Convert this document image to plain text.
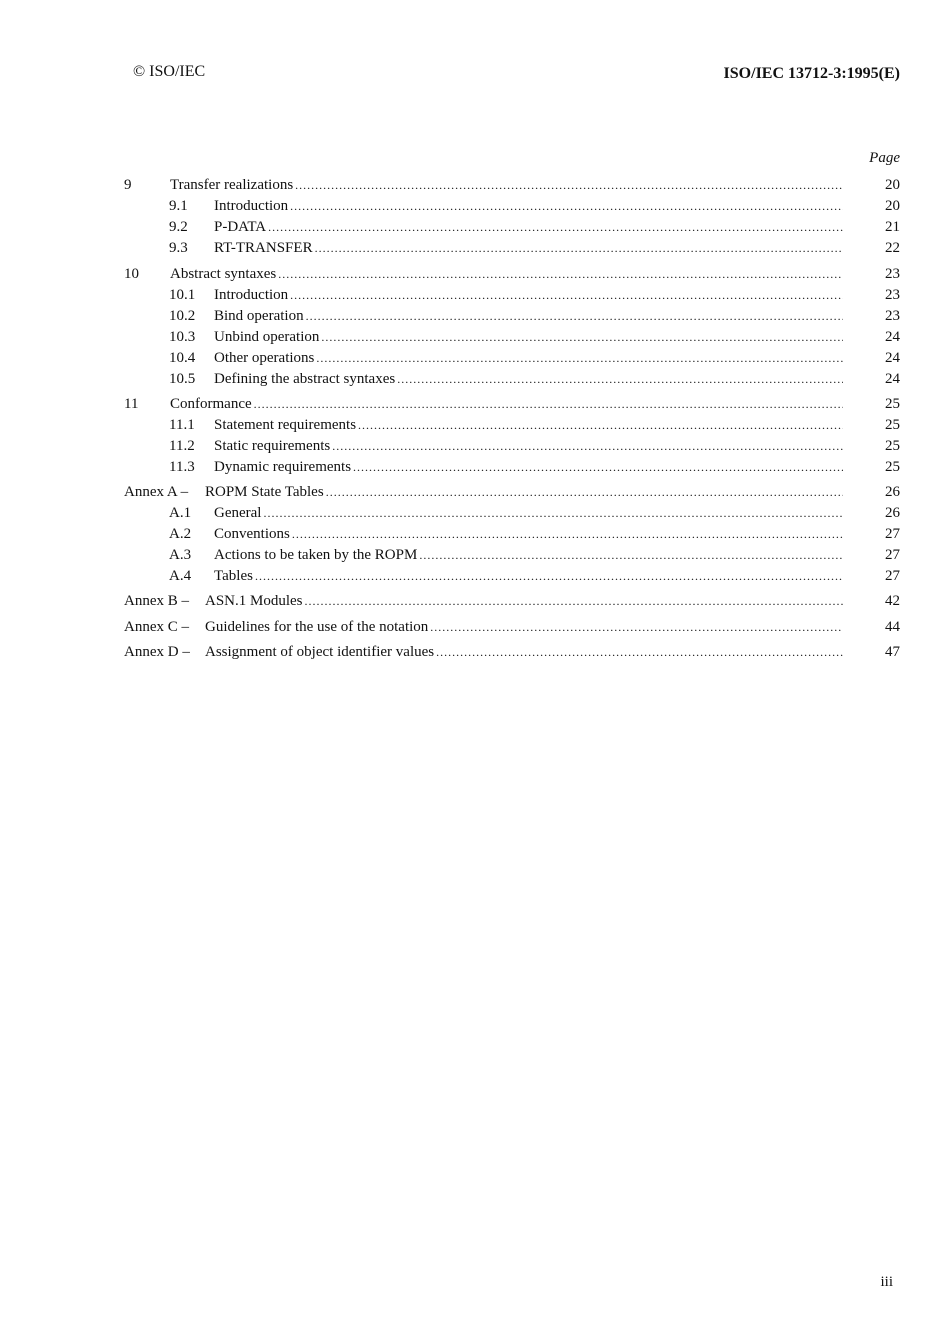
© ISO/IEC	ISO/IEC 13712-3:1995(E)
Page
9	Transfer realizations .....	20
9.1 Introduction .....	20
9.2 P-DATA .....	21
9.3 RT-TRANSFER .....	22
10 Abstract syntaxes .....	23
10.1 Introduction .....	23
10.2 Bind operation .....	23
10.3 Unbind operation .....	24
10.4 Other operations .....	24
10.5 Defining the abstract syntaxes .....	24
11 Conformance .....	25
11.1 Statement requirements .....	25
11.2 Static requirements .....	25
11.3 Dynamic requirements .....	25
Annex A – ROPM State Tables .....	26
A.1 General .....	26
A.2 Conventions .....	27
A.3 Actions to be taken by the ROPM .....	27
A.4 Tables .....	27
Annex B – ASN.1 Modules .....	42
Annex C – Guidelines for the use of the notation .....	44
Annex D – Assignment of object identifier values .....	47
iii
